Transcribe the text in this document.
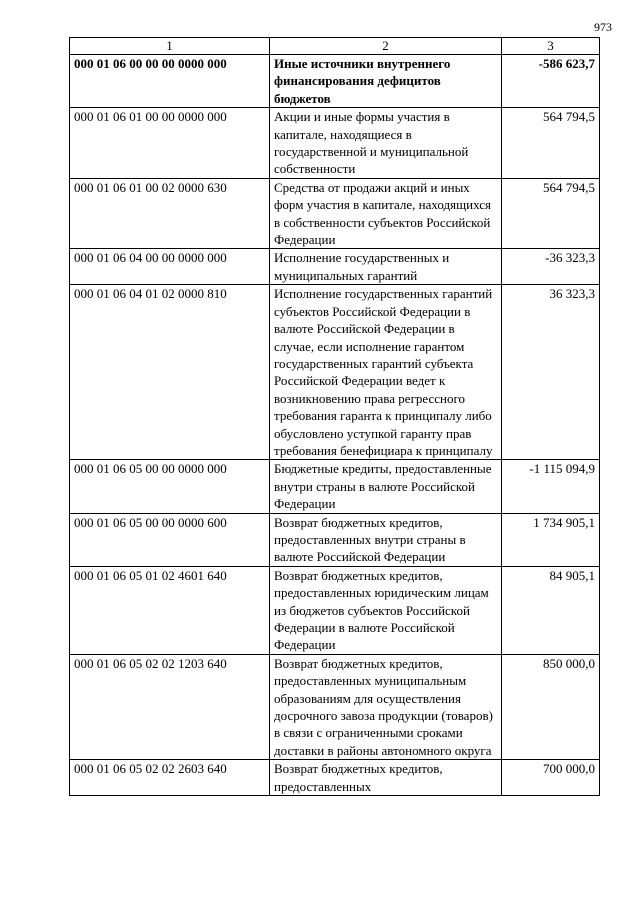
973
1	2	3
000 01 06 00 00 00 0000 000	Иные источники внутреннего финансирования дефицитов бюджетов	-586 623,7
000 01 06 01 00 00 0000 000	Акции и иные формы участия в капитале, находящиеся в государственной и муниципальной собственности	564 794,5
000 01 06 01 00 02 0000 630	Средства от продажи акций и иных форм участия в капитале, находящихся в собственности субъектов Российской Федерации	564 794,5
000 01 06 04 00 00 0000 000	Исполнение государственных и муниципальных гарантий	-36 323,3
000 01 06 04 01 02 0000 810	Исполнение государственных гарантий субъектов Российской Федерации в валюте Российской Федерации в случае, если исполнение гарантом государственных гарантий субъекта Российской Федерации ведет к возникновению права регрессного требования гаранта к принципалу либо обусловлено уступкой гаранту прав требования бенефициара к принципалу	36 323,3
000 01 06 05 00 00 0000 000	Бюджетные кредиты, предоставленные внутри страны в валюте Российской Федерации	-1 115 094,9
000 01 06 05 00 00 0000 600	Возврат бюджетных кредитов, предоставленных внутри страны в валюте Российской Федерации	1 734 905,1
000 01 06 05 01 02 4601 640	Возврат бюджетных кредитов, предоставленных юридическим лицам из бюджетов субъектов Российской Федерации в валюте Российской Федерации	84 905,1
000 01 06 05 02 02 1203 640	Возврат бюджетных кредитов, предоставленных муниципальным образованиям для осуществления досрочного завоза продукции (товаров) в связи с ограниченными сроками доставки в районы автономного округа	850 000,0
000 01 06 05 02 02 2603 640	Возврат бюджетных кредитов, предоставленных	700 000,0
